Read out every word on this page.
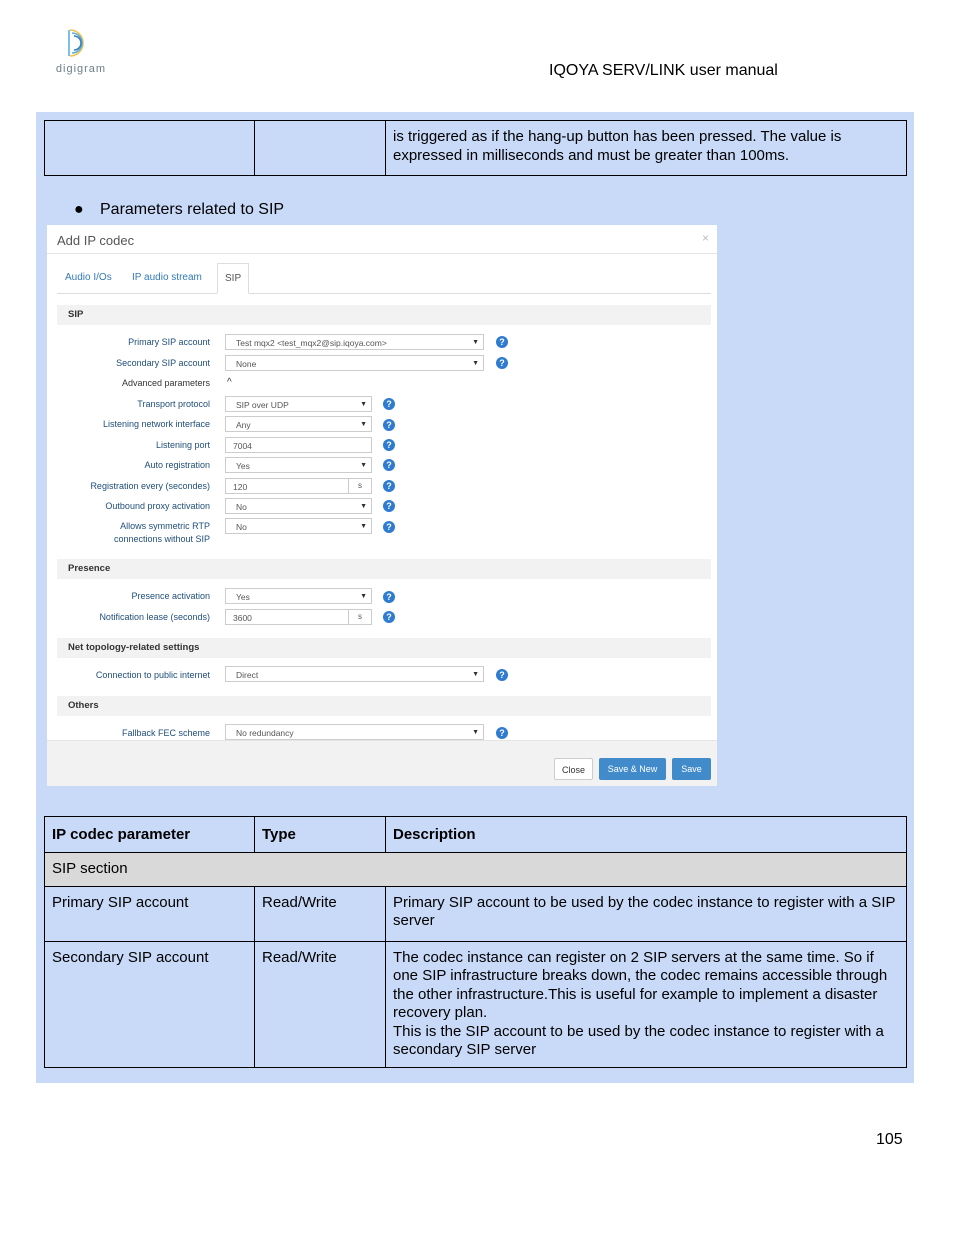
digigram	IQOYA SERV/LINK user manual
		is triggered as if the hang-up button has been pressed. The value is expressed in milliseconds and must be greater than 100ms.
● Parameters related to SIP
Add IP codec	×
Audio I/Os IP audio stream	SIP
SIP
Primary SIP account	Test mqx2 <test_mqx2@sip.iqoya.com>	▼	?
Secondary SIP account	None	▼	?
Advanced parameters ^
Transport protocol	SIP over UDP	▼	?
Listening network interface	Any	▼	?
Listening port	7004	?
Auto registration	Yes	▼	?
Registration every (secondes)	120	s	?
Outbound proxy activation	No	▼	?
Allows symmetric RTP
connections without SIP
No	▼	?
Presence
Presence activation	Yes	▼	?
Notification lease (seconds)	3600	s	?
Net topology-related settings
Connection to public internet	Direct	▼	?
Others
Fallback FEC scheme	No redundancy	▼	?
Close	Save & New	Save
IP codec parameter	Type	Description
SIP section		
Primary SIP account	Read/Write	Primary SIP account to be used by the codec instance to register with a SIP server
Secondary SIP account	Read/Write	The codec instance can register on 2 SIP servers at the same time. So if one SIP infrastructure breaks down, the codec remains accessible through the other infrastructure.This is useful for example to implement a disaster recovery plan.
This is the SIP account to be used by the codec instance to register with a secondary SIP server
105
